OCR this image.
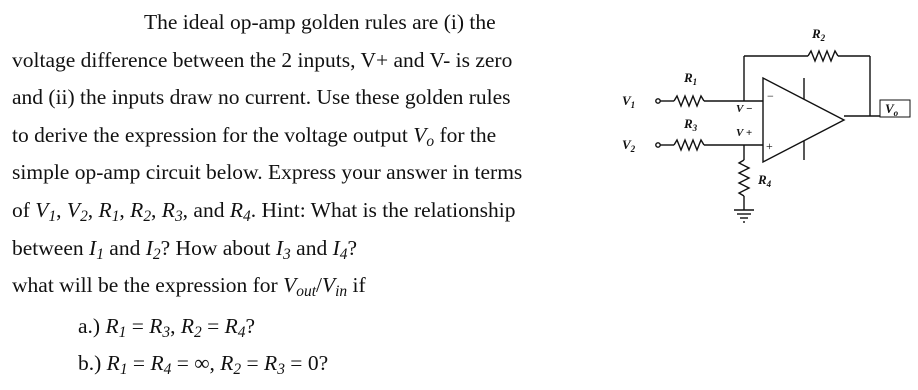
The ideal op-amp golden rules are (i) the
voltage difference between the 2 inputs, V+ and V- is zero
and (ii) the inputs draw no current. Use these golden rules
to derive the expression for the voltage output $V_o$ for the
simple op-amp circuit below. Express your answer in terms
of $V_1$, $V_2$, $R_1$, $R_2$, $R_3$, and $R_4$. Hint: What is the relationship
between $I_1$ and $I_2$? How about $I_3$ and $I_4$?
what will be the expression for $V_{out}/V_{in}$ if
a.) $R_1 = R_3$, $R_2 = R_4$?
b.) $R_1 = R_4$ = ∞, $R_2 = R_3 = 0$?
$V_1$
$V_2$
$R_1$
$R_2$
$R_3$
$R_4$
V −
V +
−
+
$V_o$
